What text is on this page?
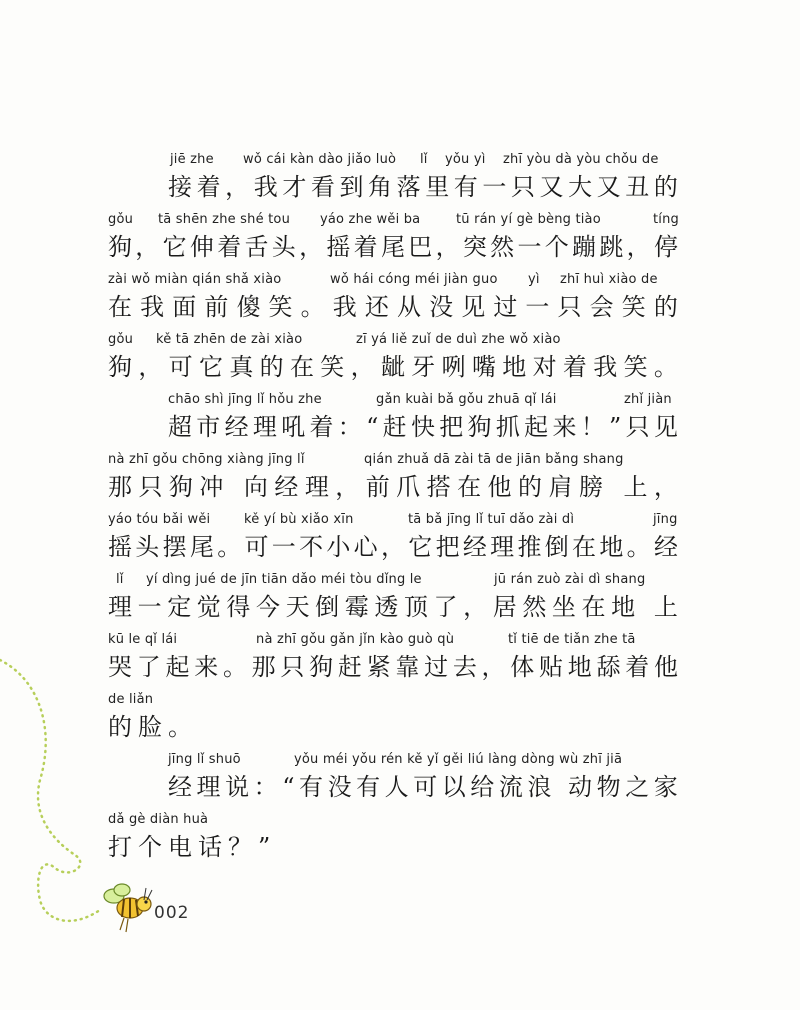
jiē zhe wǒ cái kàn dào jiǎo luò lǐ yǒu yì zhī yòu dà yòu chǒu de
接 着 ， 我 才 看 到 角 落 里 有 一 只 又 大 又 丑 的
gǒu tā shēn zhe shé tou yáo zhe wěi ba	tū rán yí gè bèng tiào	tíng
狗 ， 它 伸 着 舌 头 ， 摇 着 尾 巴 ， 突 然 一 个 蹦 跳 ， 停
zài wǒ miàn qián shǎ xiào	wǒ hái cóng méi jiàn guo yì zhī huì xiào de
在 我 面 前 傻 笑 。 我 还 从 没 见 过 一 只 会 笑 的
gǒu kě tā zhēn de zài xiào	zī yá liě zuǐ de duì zhe wǒ xiào
狗 ， 可 它 真 的 在 笑 ， 龇 牙 咧 嘴 地 对 着 我 笑 。
chāo shì jīng lǐ hǒu zhe	gǎn kuài bǎ gǒu zhuā qǐ lái	zhǐ jiàn
超 市 经 理 吼 着 ： “ 赶 快 把 狗 抓 起 来 ！ ” 只 见
nà zhī gǒu chōng xiàng jīng lǐ	qián zhuǎ dā zài tā de jiān bǎng shang
那 只 狗 冲
向 经 理 ， 前 爪 搭 在 他 的 肩 膀
上 ，
yáo tóu bǎi wěi	kě yí bù xiǎo xīn	tā bǎ jīng lǐ tuī dǎo zài dì	jīng
摇 头 摆 尾 。 可 一 不 小 心 ， 它 把 经 理 推 倒 在 地 。 经
lǐ yí dìng jué de jīn tiān dǎo méi tòu dǐng le	jū rán zuò zài dì shang
理 一 定 觉 得 今 天 倒 霉 透 顶 了 ， 居 然 坐 在 地
上
kū le qǐ lái	nà zhī gǒu gǎn jǐn kào guò qù	tǐ tiē de tiǎn zhe tā
哭 了 起 来 。 那 只 狗 赶 紧 靠 过 去 ， 体 贴 地 舔 着 他
de liǎn
的 脸 。
jīng lǐ shuō	yǒu méi yǒu rén kě yǐ gěi liú làng dòng wù zhī jiā
经 理 说 ： “ 有 没 有 人 可 以 给 流 浪
动 物 之 家
dǎ gè diàn huà
打 个 电 话 ？ ”
002
